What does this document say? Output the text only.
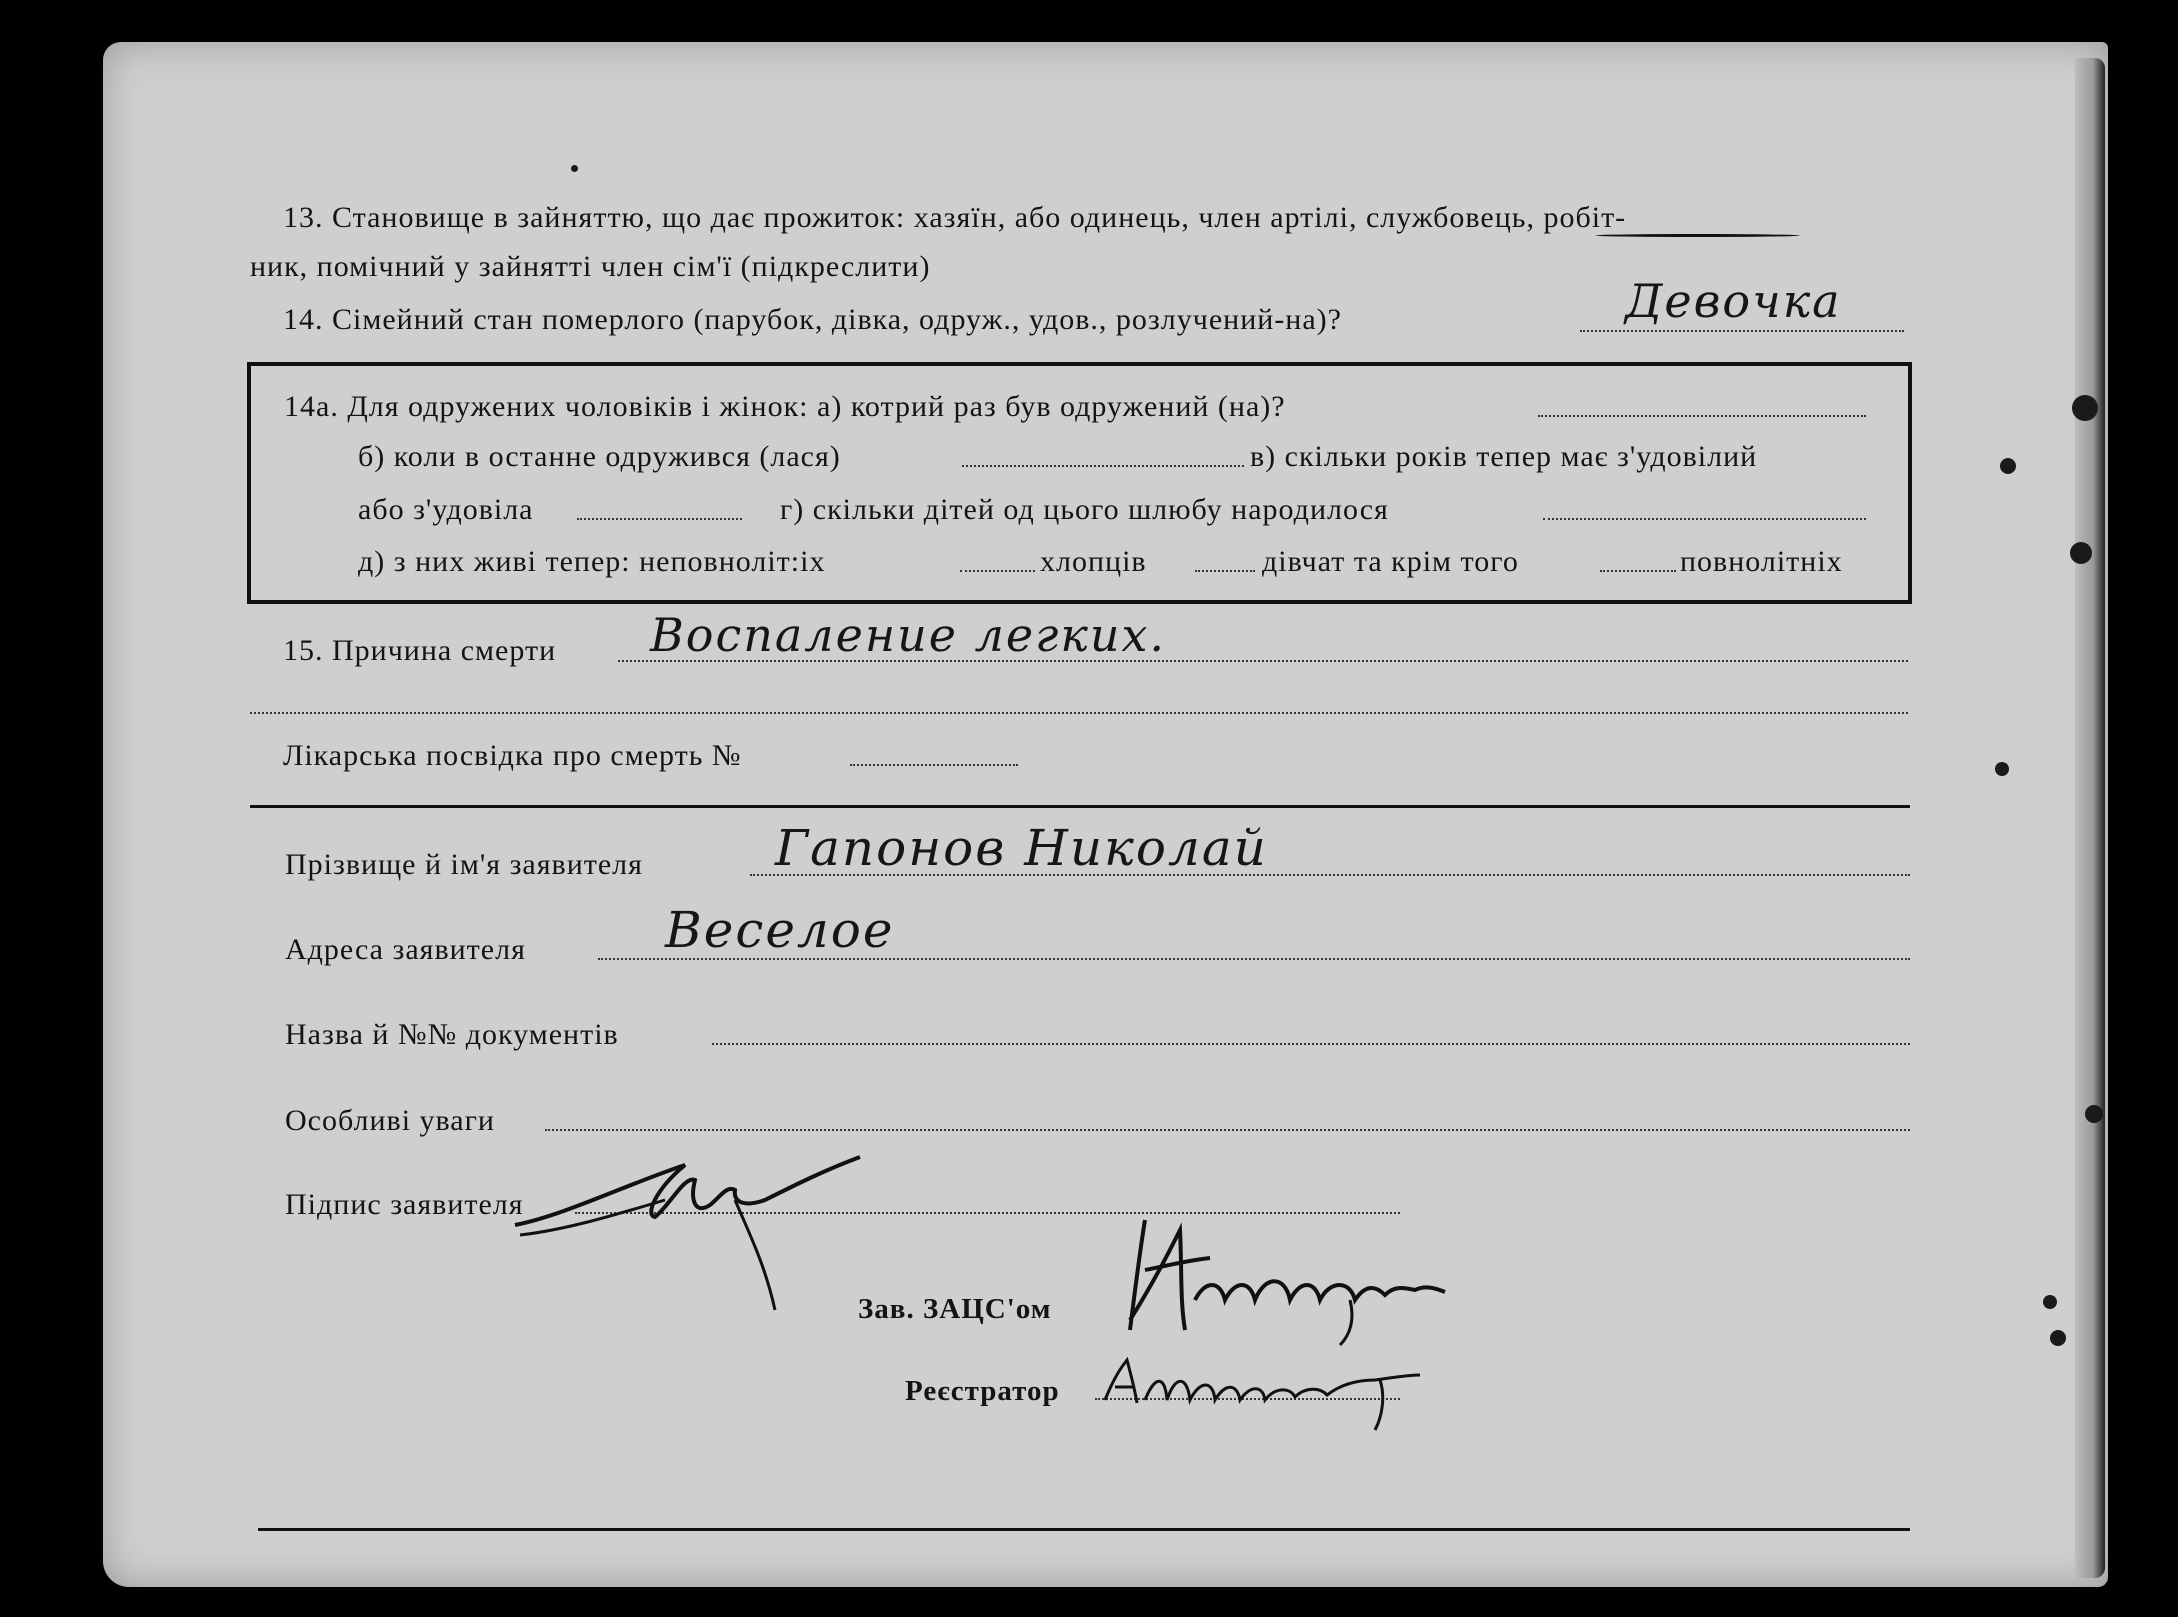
13. Становище в зайняттю, що дає прожиток: хазяїн, або одинець, член артілі, службовець, робіт-
ник, помічний у зайнятті член сім'ї (підкреслити)
14. Сімейний стан померлого (парубок, дівка, одруж., удов., розлучений-на)?	Девочка
14а. Для одружених чоловіків і жінок: а) котрий раз був одружений (на)?
б) коли в останне одружився (лася)	в) скільки років тепер має з'удовілий
або з'удовіла	г) скільки дітей од цього шлюбу народилося
д) з них живі тепер: неповноліт:іх	хлопців	дівчат та крім того	повнолітніх
15. Причина смерти Воспаление легких.
Лікарська посвідка про смерть №
Прізвище й ім'я заявителя	Гапонов Николай
Адреса заявителя	Веселое
Назва й №№ документів
Особливі уваги
Підпис заявителя
Зав. ЗАЦС'ом
Реєстратор
